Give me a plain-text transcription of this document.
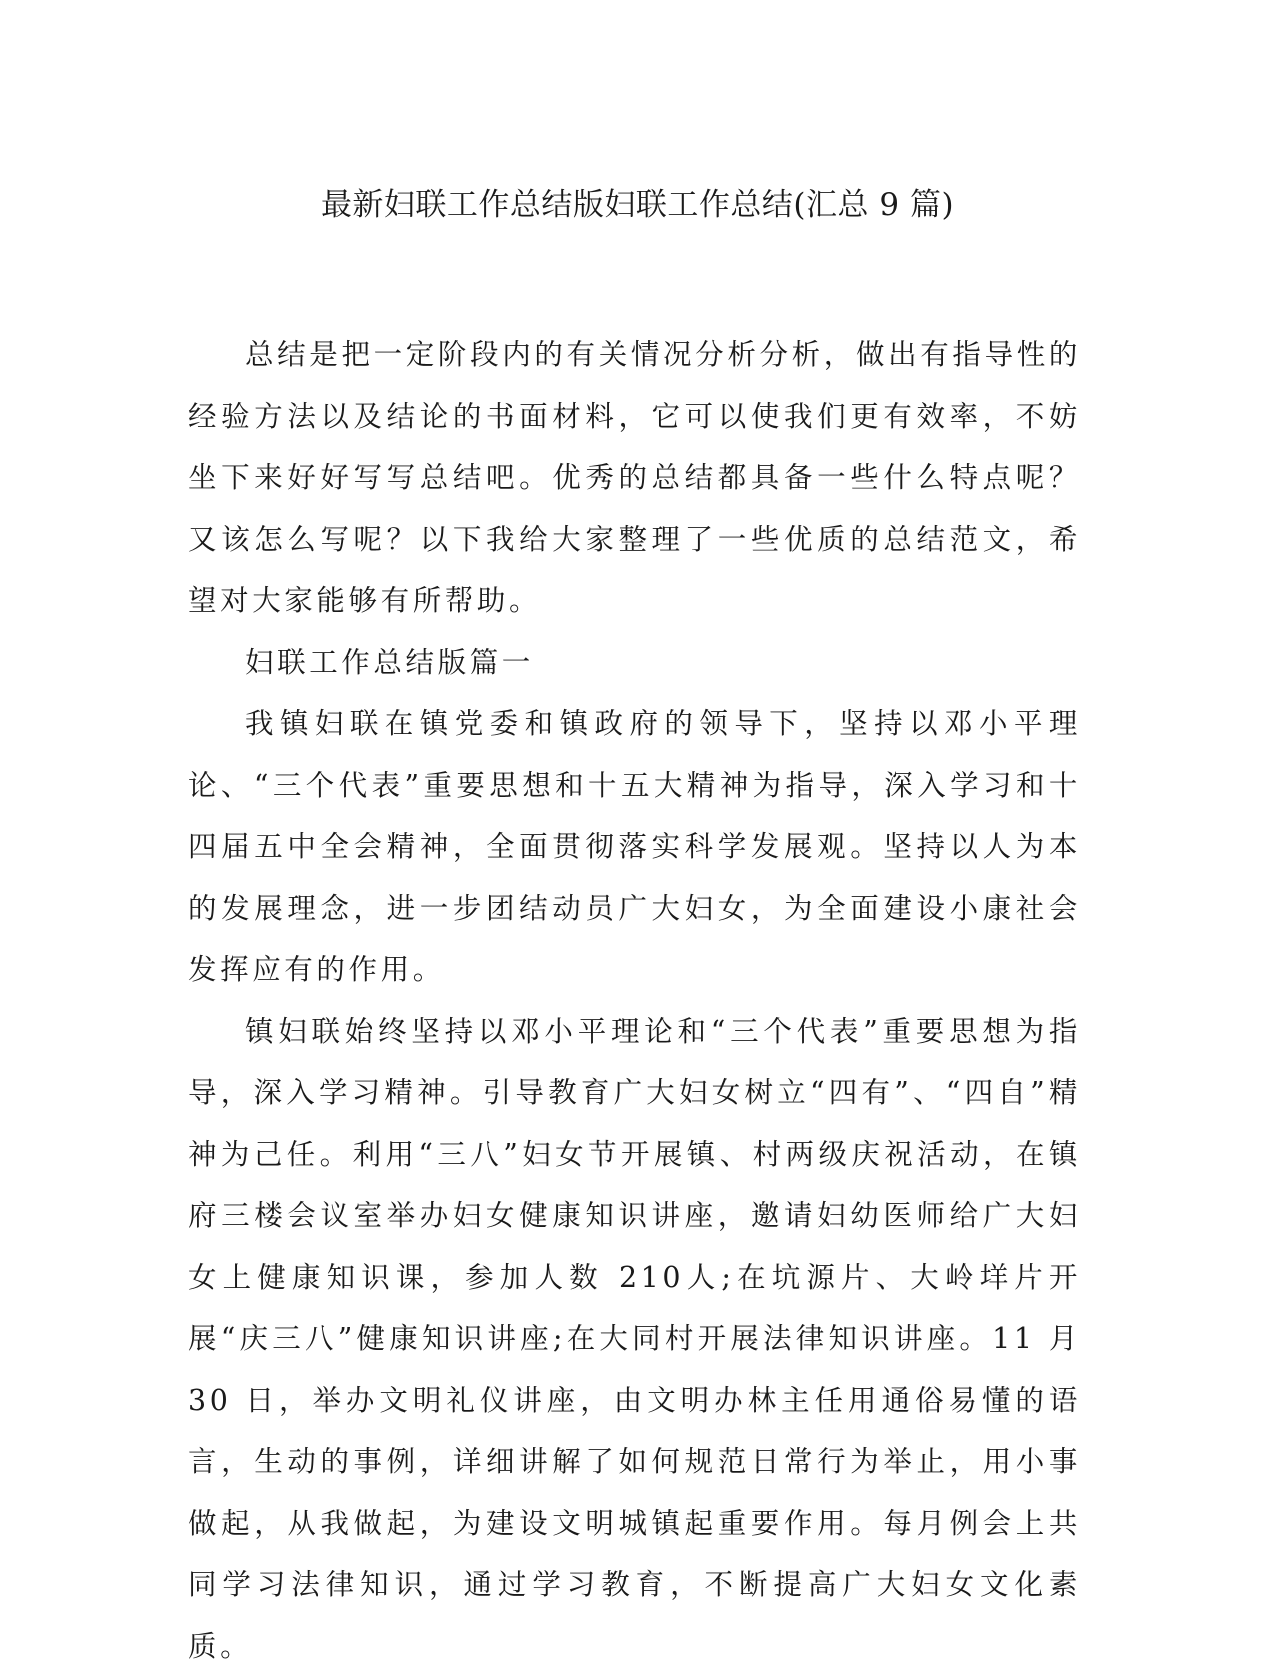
最新妇联工作总结版妇联工作总结(汇总 9 篇)

总结是把一定阶段内的有关情况分析分析，做出有指导性的经验方法以及结论的书面材料，它可以使我们更有效率，不妨坐下来好好写写总结吧。优秀的总结都具备一些什么特点呢？又该怎么写呢？以下我给大家整理了一些优质的总结范文，希望对大家能够有所帮助。

妇联工作总结版篇一

我镇妇联在镇党委和镇政府的领导下，坚持以邓小平理论、“三个代表”重要思想和十五大精神为指导，深入学习和十四届五中全会精神，全面贯彻落实科学发展观。坚持以人为本的发展理念，进一步团结动员广大妇女，为全面建设小康社会发挥应有的作用。

镇妇联始终坚持以邓小平理论和“三个代表”重要思想为指导，深入学习精神。引导教育广大妇女树立“四有”、“四自”精神为己任。利用“三八”妇女节开展镇、村两级庆祝活动，在镇府三楼会议室举办妇女健康知识讲座，邀请妇幼医师给广大妇女上健康知识课，参加人数 210人;在坑源片、大岭垟片开展“庆三八”健康知识讲座;在大同村开展法律知识讲座。11 月 30 日，举办文明礼仪讲座，由文明办林主任用通俗易懂的语言，生动的事例，详细讲解了如何规范日常行为举止，用小事做起，从我做起，为建设文明城镇起重要作用。每月例会上共同学习法律知识，通过学习教育，不断提高广大妇女文化素质。
